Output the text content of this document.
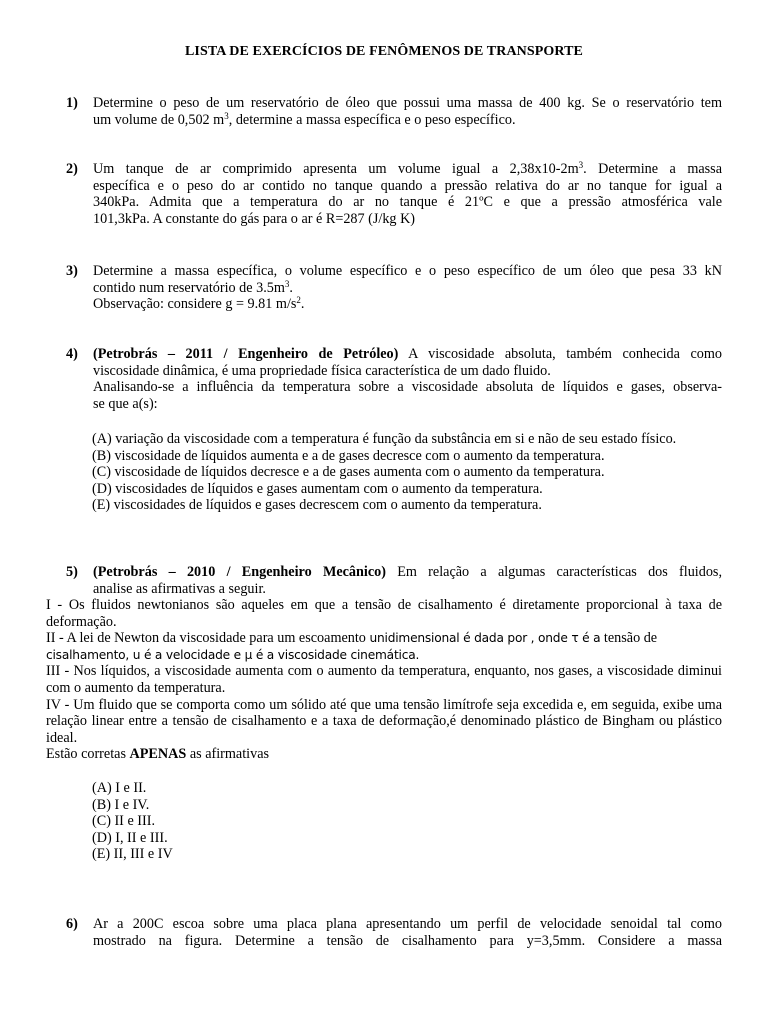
LISTA DE EXERCÍCIOS DE FENÔMENOS DE TRANSPORTE
1) Determine o peso de um reservatório de óleo que possui uma massa de 400 kg. Se o reservatório tem
um volume de 0,502 $m^3$, determine a massa específica e o peso específico.
2) Um tanque de ar comprimido apresenta um volume igual a $2,38x10-2m^3$. Determine a massa
específica e o peso do ar contido no tanque quando a pressão relativa do ar no tanque for igual a
340kPa. Admita que a temperatura do ar no tanque é 21ºC e que a pressão atmosférica vale
101,3kPa. A constante do gás para o ar é R=287 (J/kg K)
3) Determine a massa específica, o volume específico e o peso específico de um óleo que pesa 33 kN
contido num reservatório de $3.5m^3$.
Observação: considere g = 9.81 $m/s^2$.
4) (Petrobrás – 2011 / Engenheiro de Petróleo) A viscosidade absoluta, também conhecida como
viscosidade dinâmica, é uma propriedade física característica de um dado fluido.
Analisando-se a influência da temperatura sobre a viscosidade absoluta de líquidos e gases, observa-
se que a(s):
(A) variação da viscosidade com a temperatura é função da substância em si e não de seu estado físico.
(B) viscosidade de líquidos aumenta e a de gases decresce com o aumento da temperatura.
(C) viscosidade de líquidos decresce e a de gases aumenta com o aumento da temperatura.
(D) viscosidades de líquidos e gases aumentam com o aumento da temperatura.
(E) viscosidades de líquidos e gases decrescem com o aumento da temperatura.
5) (Petrobrás – 2010 / Engenheiro Mecânico) Em relação a algumas características dos fluidos,
analise as afirmativas a seguir.
I - Os fluidos newtonianos são aqueles em que a tensão de cisalhamento é diretamente proporcional à taxa de deformação.
II - A lei de Newton da viscosidade para um escoamento unidimensional é dada por , onde τ é a tensão de
cisalhamento, u é a velocidade e μ é a viscosidade cinemática.
III - Nos líquidos, a viscosidade aumenta com o aumento da temperatura, enquanto, nos gases, a viscosidade diminui com o aumento da temperatura.
IV - Um fluido que se comporta como um sólido até que uma tensão limítrofe seja excedida e, em seguida, exibe uma relação linear entre a tensão de cisalhamento e a taxa de deformação,é denominado plástico de Bingham ou plástico ideal.
Estão corretas APENAS as afirmativas
(A) I e II.
(B) I e IV.
(C) II e III.
(D) I, II e III.
(E) II, III e IV
6) Ar a 200C escoa sobre uma placa plana apresentando um perfil de velocidade senoidal tal como
mostrado na figura. Determine a tensão de cisalhamento para y=3,5mm. Considere a massa
